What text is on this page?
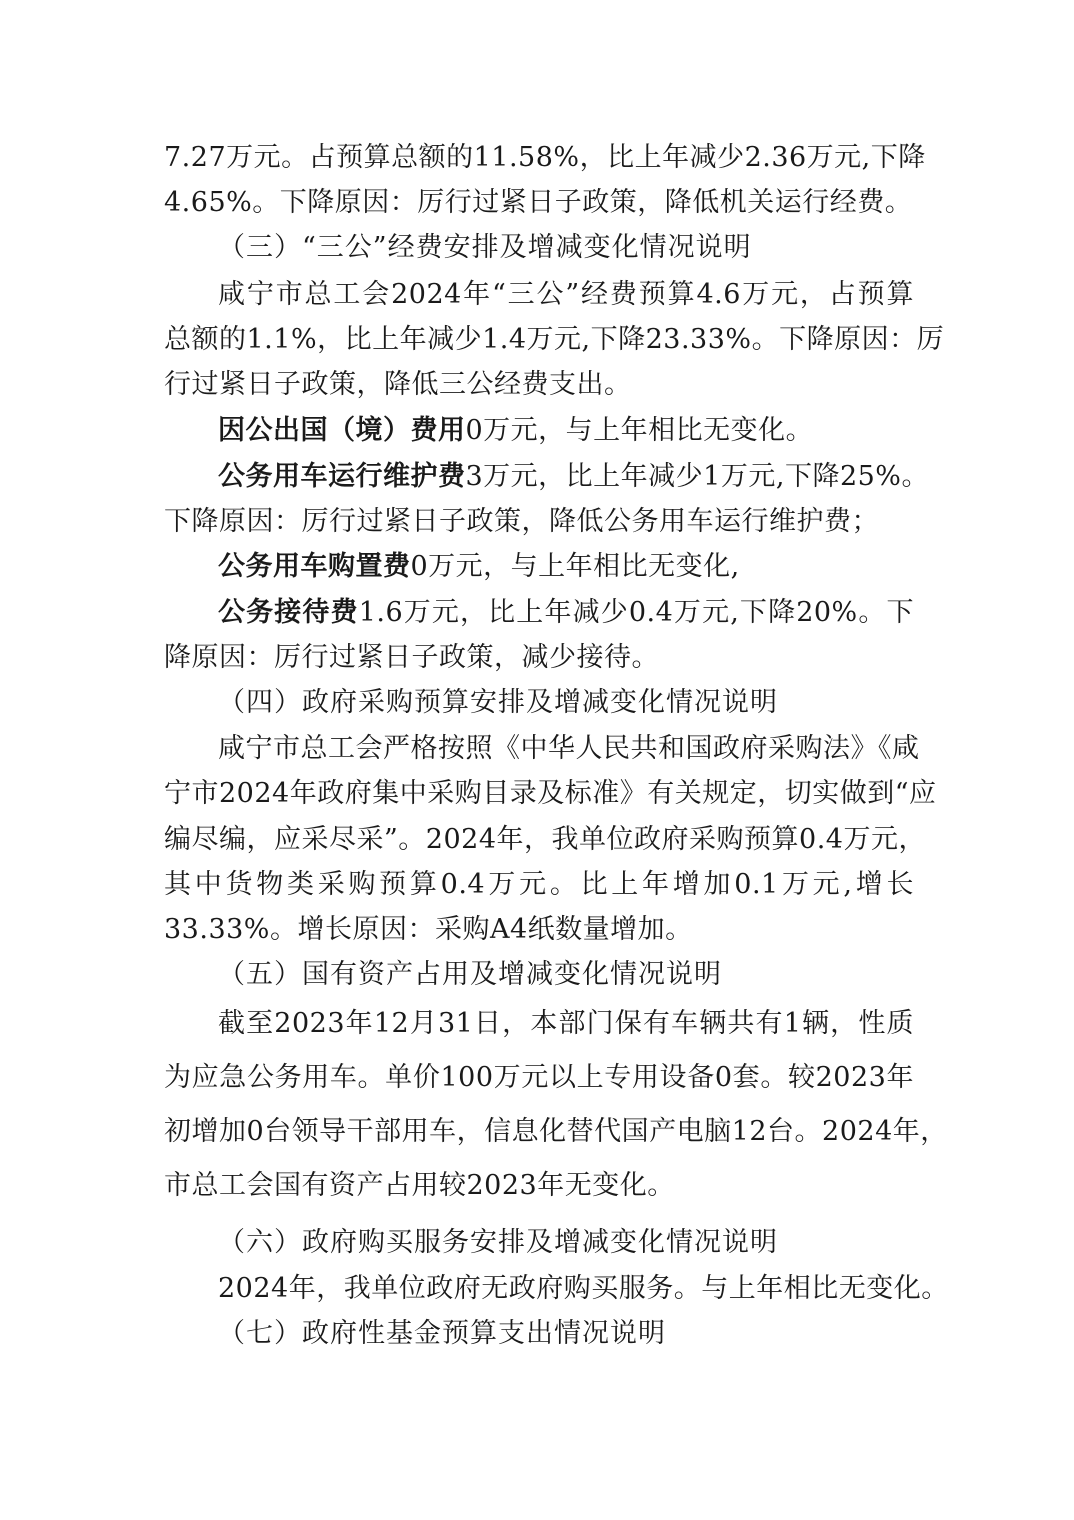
7.27万元。占预算总额的11.58%，比上年减少2.36万元,下降
4.65%。下降原因：厉行过紧日子政策，降低机关运行经费。
（三）“三公”经费安排及增减变化情况说明
咸宁市总工会2024年“三公”经费预算4.6万元，占预算
总额的1.1%，比上年减少1.4万元,下降23.33%。下降原因：厉
行过紧日子政策，降低三公经费支出。
因公出国（境）费用0万元，与上年相比无变化。
公务用车运行维护费3万元，比上年减少1万元,下降25%。
下降原因：厉行过紧日子政策，降低公务用车运行维护费；
公务用车购置费0万元，与上年相比无变化,
公务接待费1.6万元，比上年减少0.4万元,下降20%。下
降原因：厉行过紧日子政策，减少接待。
（四）政府采购预算安排及增减变化情况说明
咸宁市总工会严格按照《中华人民共和国政府采购法》《咸
宁市2024年政府集中采购目录及标准》有关规定，切实做到“应
编尽编，应采尽采”。2024年，我单位政府采购预算0.4万元，
其中货物类采购预算0.4万元。比上年增加0.1万元,增长
33.33%。增长原因：采购A4纸数量增加。
（五）国有资产占用及增减变化情况说明
截至2023年12月31日，本部门保有车辆共有1辆，性质
为应急公务用车。单价100万元以上专用设备0套。较2023年
初增加0台领导干部用车，信息化替代国产电脑12台。2024年，
市总工会国有资产占用较2023年无变化。
（六）政府购买服务安排及增减变化情况说明
2024年，我单位政府无政府购买服务。与上年相比无变化。
（七）政府性基金预算支出情况说明
